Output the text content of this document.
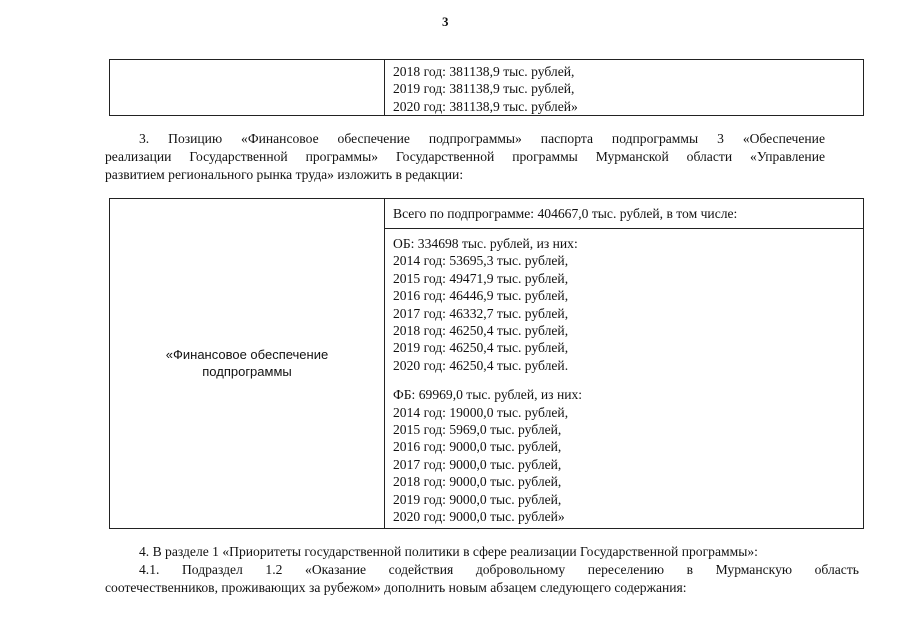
3

2018 год: 381138,9 тыс. рублей,
2019 год: 381138,9 тыс. рублей,
2020 год: 381138,9 тыс. рублей»
3. Позицию «Финансовое обеспечение подпрограммы» паспорта подпрограммы 3 «Обеспечение
реализации Государственной программы» Государственной программы Мурманской области «Управление
развитием регионального рынка труда» изложить в редакции:
«Финансовое обеспечение
подпрограммы	
Всего по подпрограмме: 404667,0 тыс. рублей, в том числе:
ОБ: 334698 тыс. рублей, из них:
2014 год: 53695,3 тыс. рублей,
2015 год: 49471,9 тыс. рублей,
2016 год: 46446,9 тыс. рублей,
2017 год: 46332,7 тыс. рублей,
2018 год: 46250,4 тыс. рублей,
2019 год: 46250,4 тыс. рублей,
2020 год: 46250,4 тыс. рублей.
ФБ: 69969,0 тыс. рублей, из них:
2014 год: 19000,0 тыс. рублей,
2015 год: 5969,0 тыс. рублей,
2016 год: 9000,0 тыс. рублей,
2017 год: 9000,0 тыс. рублей,
2018 год: 9000,0 тыс. рублей,
2019 год: 9000,0 тыс. рублей,
2020 год: 9000,0 тыс. рублей»
4. В разделе 1 «Приоритеты государственной политики в сфере реализации Государственной программы»:
4.1. Подраздел 1.2 «Оказание содействия добровольному переселению в Мурманскую область
соотечественников, проживающих за рубежом» дополнить новым абзацем следующего содержания:
